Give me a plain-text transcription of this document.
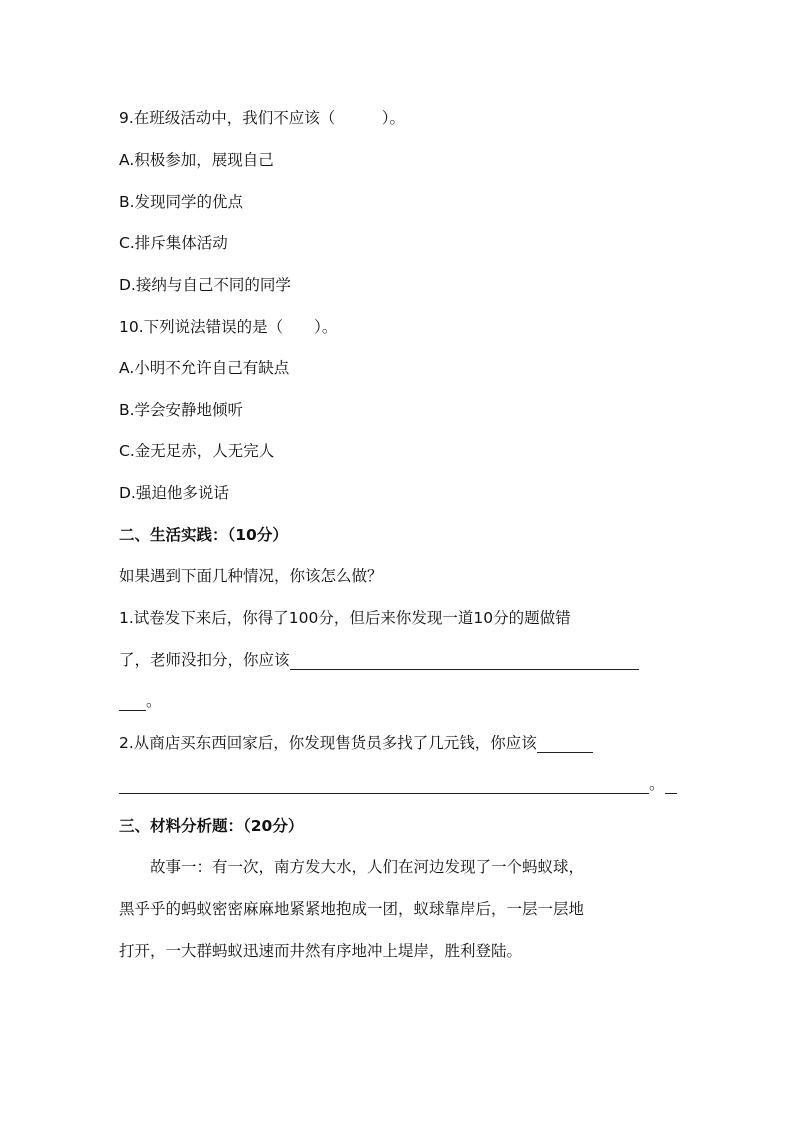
9.在班级活动中，我们不应该（　　　）。
A.积极参加，展现自己
B.发现同学的优点
C.排斥集体活动
D.接纳与自己不同的同学
10.下列说法错误的是（　　）。
A.小明不允许自己有缺点
B.学会安静地倾听
C.金无足赤，人无完人
D.强迫他多说话
二、生活实践：（10分）
如果遇到下面几种情况，你该怎么做？
1.试卷发下来后，你得了100分，但后来你发现一道10分的题做错
了，老师没扣分，你应该
。
2.从商店买东西回家后，你发现售货员多找了几元钱，你应该
。
三、材料分析题：（20分）
故事一：有一次，南方发大水，人们在河边发现了一个蚂蚁球，
黑乎乎的蚂蚁密密麻麻地紧紧地抱成一团，蚁球靠岸后，一层一层地
打开，一大群蚂蚁迅速而井然有序地冲上堤岸，胜利登陆。
